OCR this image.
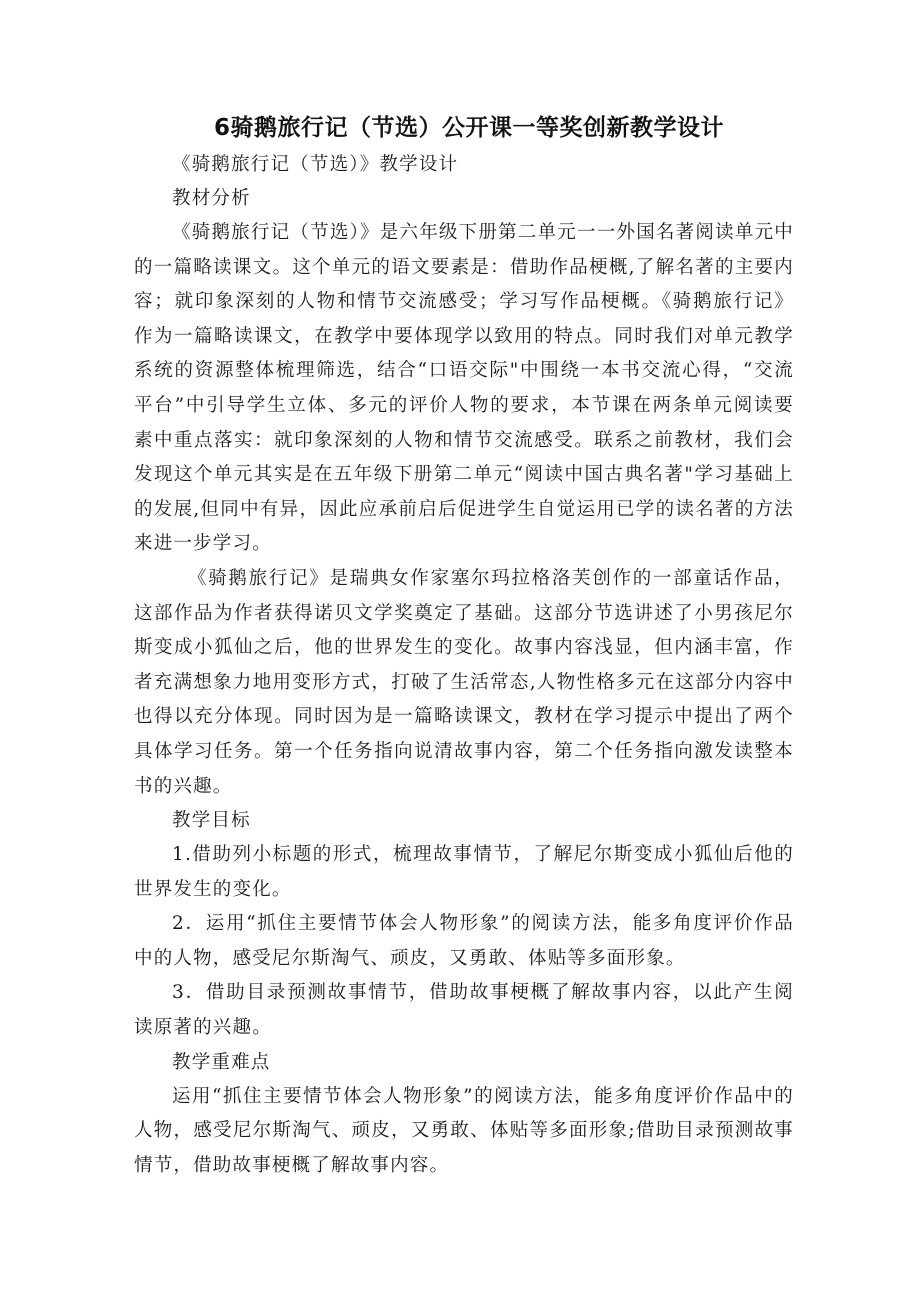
6骑鹅旅行记（节选）公开课一等奖创新教学设计

《骑鹅旅行记（节选）》教学设计

教材分析

《骑鹅旅行记（节选）》是六年级下册第二单元一一外国名著阅读单元中的一篇略读课文。这个单元的语文要素是：借助作品梗概,了解名著的主要内容；就印象深刻的人物和情节交流感受；学习写作品梗概。《骑鹅旅行记》作为一篇略读课文，在教学中要体现学以致用的特点。同时我们对单元教学系统的资源整体梳理筛选，结合“口语交际"中围绕一本书交流心得，“交流平台”中引导学生立体、多元的评价人物的要求，本节课在两条单元阅读要素中重点落实：就印象深刻的人物和情节交流感受。联系之前教材，我们会发现这个单元其实是在五年级下册第二单元“阅读中国古典名著"学习基础上的发展,但同中有异，因此应承前启后促进学生自觉运用已学的读名著的方法来进一步学习。

《骑鹅旅行记》是瑞典女作家塞尔玛拉格洛芙创作的一部童话作品，这部作品为作者获得诺贝文学奖奠定了基础。这部分节选讲述了小男孩尼尔斯变成小狐仙之后，他的世界发生的变化。故事内容浅显，但内涵丰富，作者充满想象力地用变形方式，打破了生活常态,人物性格多元在这部分内容中也得以充分体现。同时因为是一篇略读课文，教材在学习提示中提出了两个具体学习任务。第一个任务指向说清故事内容，第二个任务指向激发读整本书的兴趣。

教学目标

1.借助列小标题的形式，梳理故事情节，了解尼尔斯变成小狐仙后他的世界发生的变化。

2．运用“抓住主要情节体会人物形象”的阅读方法，能多角度评价作品中的人物，感受尼尔斯淘气、顽皮，又勇敢、体贴等多面形象。

3．借助目录预测故事情节，借助故事梗概了解故事内容，以此产生阅读原著的兴趣。

教学重难点

运用“抓住主要情节体会人物形象”的阅读方法，能多角度评价作品中的人物，感受尼尔斯淘气、顽皮，又勇敢、体贴等多面形象;借助目录预测故事情节，借助故事梗概了解故事内容。
